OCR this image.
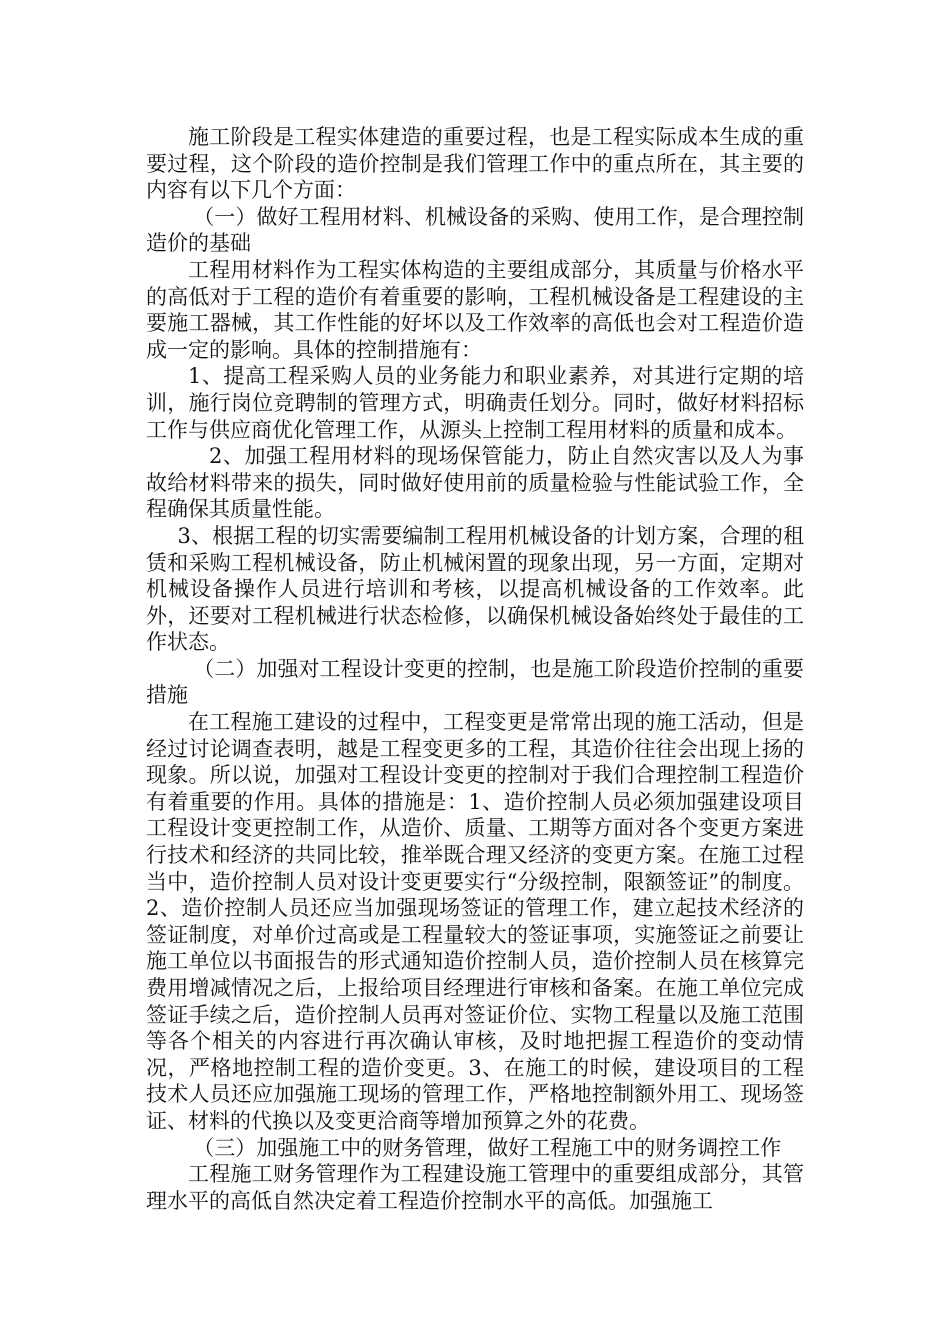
施工阶段是工程实体建造的重要过程，也是工程实际成本生成的重要过程，这个阶段的造价控制是我们管理工作中的重点所在，其主要的内容有以下几个方面：

（一）做好工程用材料、机械设备的采购、使用工作，是合理控制造价的基础

工程用材料作为工程实体构造的主要组成部分，其质量与价格水平的高低对于工程的造价有着重要的影响，工程机械设备是工程建设的主要施工器械，其工作性能的好坏以及工作效率的高低也会对工程造价造成一定的影响。具体的控制措施有：

1、提高工程采购人员的业务能力和职业素养，对其进行定期的培训，施行岗位竞聘制的管理方式，明确责任划分。同时，做好材料招标工作与供应商优化管理工作，从源头上控制工程用材料的质量和成本。

2、加强工程用材料的现场保管能力，防止自然灾害以及人为事故给材料带来的损失，同时做好使用前的质量检验与性能试验工作，全程确保其质量性能。

3、根据工程的切实需要编制工程用机械设备的计划方案，合理的租赁和采购工程机械设备，防止机械闲置的现象出现，另一方面，定期对机械设备操作人员进行培训和考核，以提高机械设备的工作效率。此外，还要对工程机械进行状态检修，以确保机械设备始终处于最佳的工作状态。

（二）加强对工程设计变更的控制，也是施工阶段造价控制的重要措施

在工程施工建设的过程中，工程变更是常常出现的施工活动，但是经过讨论调查表明，越是工程变更多的工程，其造价往往会出现上扬的现象。所以说，加强对工程设计变更的控制对于我们合理控制工程造价有着重要的作用。具体的措施是：1、造价控制人员必须加强建设项目工程设计变更控制工作，从造价、质量、工期等方面对各个变更方案进行技术和经济的共同比较，推举既合理又经济的变更方案。在施工过程当中，造价控制人员对设计变更要实行“分级控制，限额签证”的制度。2、造价控制人员还应当加强现场签证的管理工作，建立起技术经济的签证制度，对单价过高或是工程量较大的签证事项，实施签证之前要让施工单位以书面报告的形式通知造价控制人员，造价控制人员在核算完费用增减情况之后，上报给项目经理进行审核和备案。在施工单位完成签证手续之后，造价控制人员再对签证价位、实物工程量以及施工范围等各个相关的内容进行再次确认审核，及时地把握工程造价的变动情况，严格地控制工程的造价变更。3、在施工的时候，建设项目的工程技术人员还应加强施工现场的管理工作，严格地控制额外用工、现场签证、材料的代换以及变更洽商等增加预算之外的花费。

（三）加强施工中的财务管理，做好工程施工中的财务调控工作

工程施工财务管理作为工程建设施工管理中的重要组成部分，其管理水平的高低自然决定着工程造价控制水平的高低。加强施工
